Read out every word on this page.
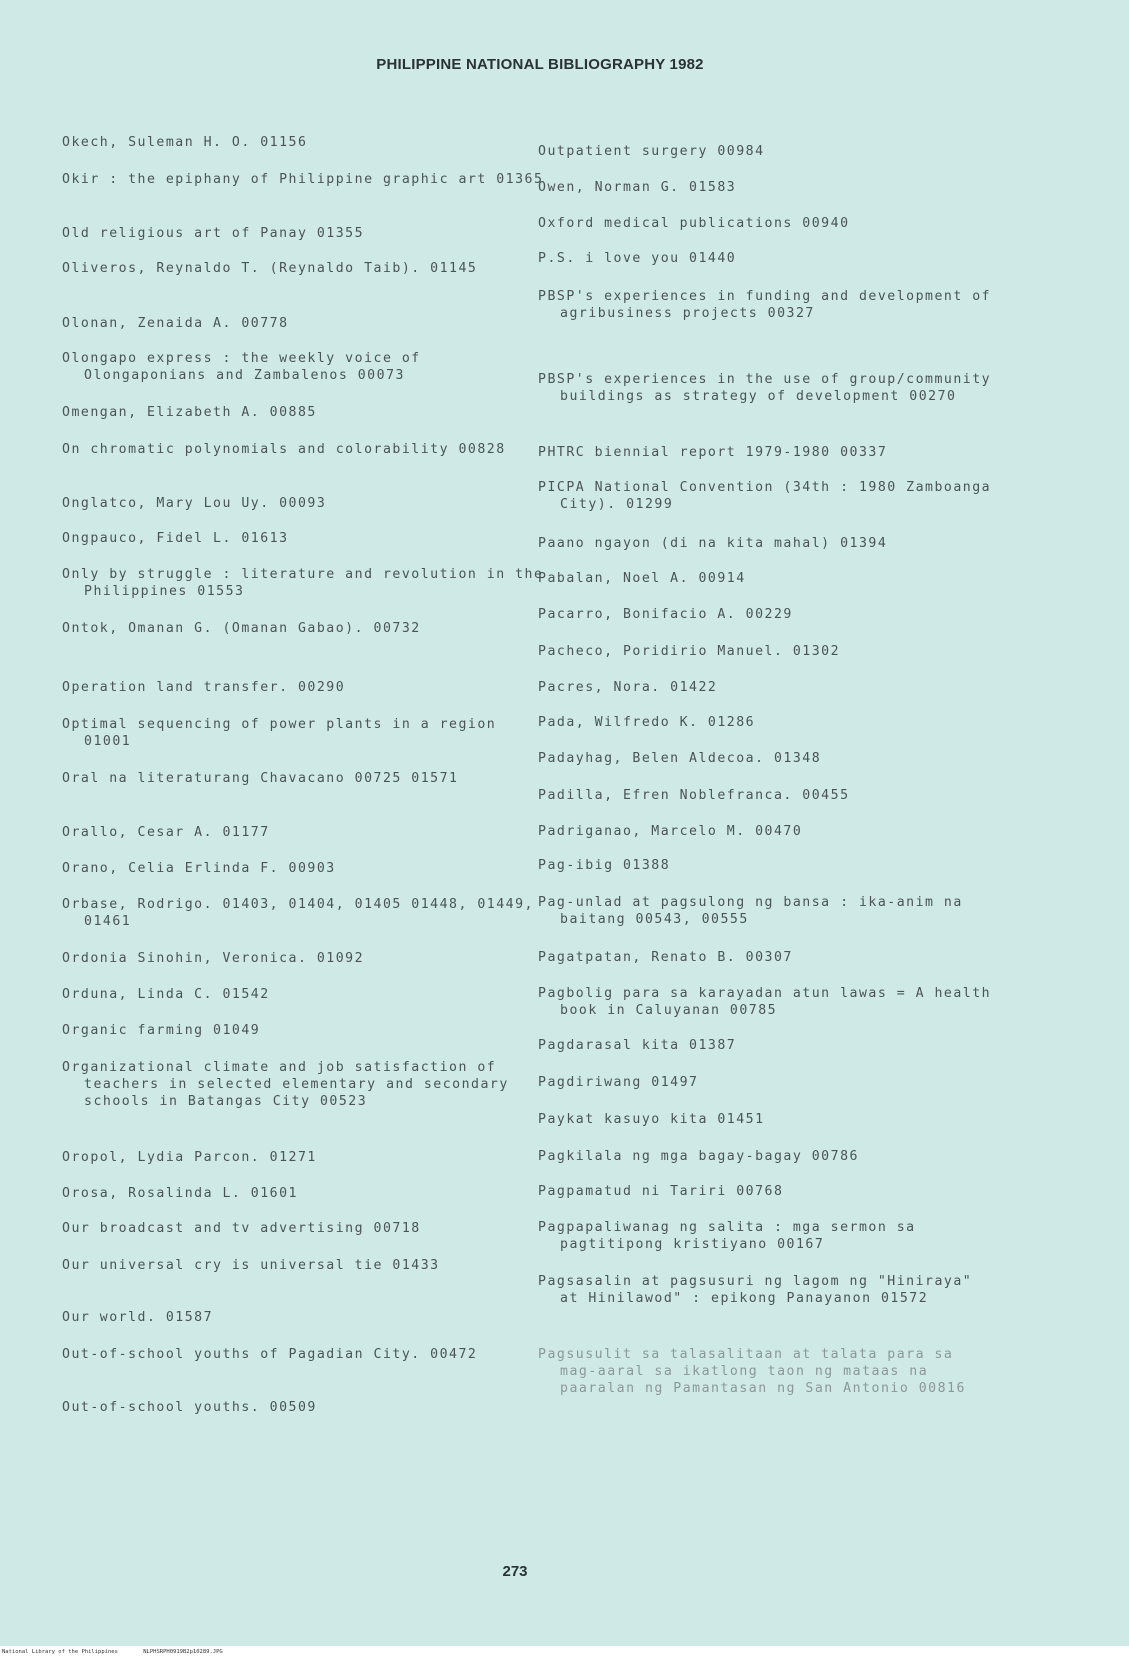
PHILIPPINE NATIONAL BIBLIOGRAPHY 1982
Okech, Suleman H. O. 01156
Okir : the epiphany of Philippine graphic art 01365
Old religious art of Panay 01355
Oliveros, Reynaldo T. (Reynaldo Taib). 01145
Olonan, Zenaida A. 00778
Olongapo express : the weekly voice of Olongaponians and Zambalenos 00073
Omengan, Elizabeth A. 00885
On chromatic polynomials and colorability 00828
Onglatco, Mary Lou Uy. 00093
Ongpauco, Fidel L. 01613
Only by struggle : literature and revolution in the Philippines 01553
Ontok, Omanan G. (Omanan Gabao). 00732
Operation land transfer. 00290
Optimal sequencing of power plants in a region 01001
Oral na literaturang Chavacano 00725 01571
Orallo, Cesar A. 01177
Orano, Celia Erlinda F. 00903
Orbase, Rodrigo. 01403, 01404, 01405 01448, 01449, 01461
Ordonia Sinohin, Veronica. 01092
Orduna, Linda C. 01542
Organic farming 01049
Organizational climate and job satisfaction of teachers in selected elementary and secondary schools in Batangas City 00523
Oropol, Lydia Parcon. 01271
Orosa, Rosalinda L. 01601
Our broadcast and tv advertising 00718
Our universal cry is universal tie 01433
Our world. 01587
Out-of-school youths of Pagadian City. 00472
Out-of-school youths. 00509
Outpatient surgery 00984
Owen, Norman G. 01583
Oxford medical publications 00940
P.S. i love you 01440
PBSP's experiences in funding and development of agribusiness projects 00327
PBSP's experiences in the use of group/community buildings as strategy of development 00270
PHTRC biennial report 1979-1980 00337
PICPA National Convention (34th : 1980 Zamboanga City). 01299
Paano ngayon (di na kita mahal) 01394
Pabalan, Noel A. 00914
Pacarro, Bonifacio A. 00229
Pacheco, Poridirio Manuel. 01302
Pacres, Nora. 01422
Pada, Wilfredo K. 01286
Padayhag, Belen Aldecoa. 01348
Padilla, Efren Noblefranca. 00455
Padriganao, Marcelo M. 00470
Pag-ibig 01388
Pag-unlad at pagsulong ng bansa : ika-anim na baitang 00543, 00555
Pagatpatan, Renato B. 00307
Pagbolig para sa karayadan atun lawas = A health book in Caluyanan 00785
Pagdarasal kita 01387
Pagdiriwang 01497
Paykat kasuyo kita 01451
Pagkilala ng mga bagay-bagay 00786
Pagpamatud ni Tariri 00768
Pagpapaliwanag ng salita : mga sermon sa pagtitipong kristiyano 00167
Pagsasalin at pagsusuri ng lagom ng "Hinirayа" at Hinilawod" : epikong Panayanon 01572
Pagsusulit sa talasalitaan at talata para sa mag-aaral sa ikatlong taon ng mataas na paaralan ng Pamantasan ng San Antonio 00816
273
National Library of the Philippines	NLPHSRPH0919B2p10289.JPG
